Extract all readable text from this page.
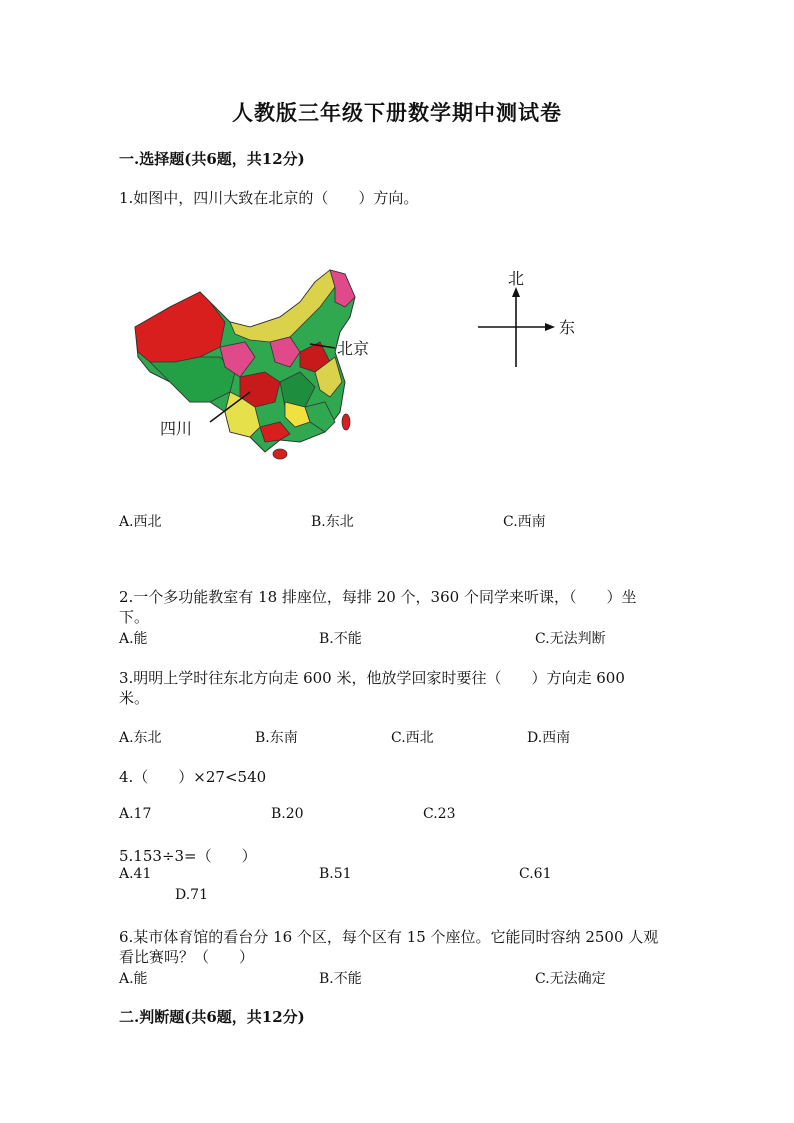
人教版三年级下册数学期中测试卷
一.选择题(共6题，共12分)
1.如图中，四川大致在北京的（　　）方向。
北京
四川
北
东
A.西北	B.东北	C.西南
2.一个多功能教室有 18 排座位，每排 20 个，360 个同学来听课，（　　）坐
下。
A.能	B.不能	C.无法判断
3.明明上学时往东北方向走 600 米，他放学回家时要往（　　）方向走 600
米。
A.东北	B.东南	C.西北	D.西南
4.（　　）×27<540
A.17	B.20	C.23
5.153÷3=（　　）
A.41	B.51	C.61
D.71
6.某市体育馆的看台分 16 个区，每个区有 15 个座位。它能同时容纳 2500 人观
看比赛吗？（　　）
A.能	B.不能	C.无法确定
二.判断题(共6题，共12分)
